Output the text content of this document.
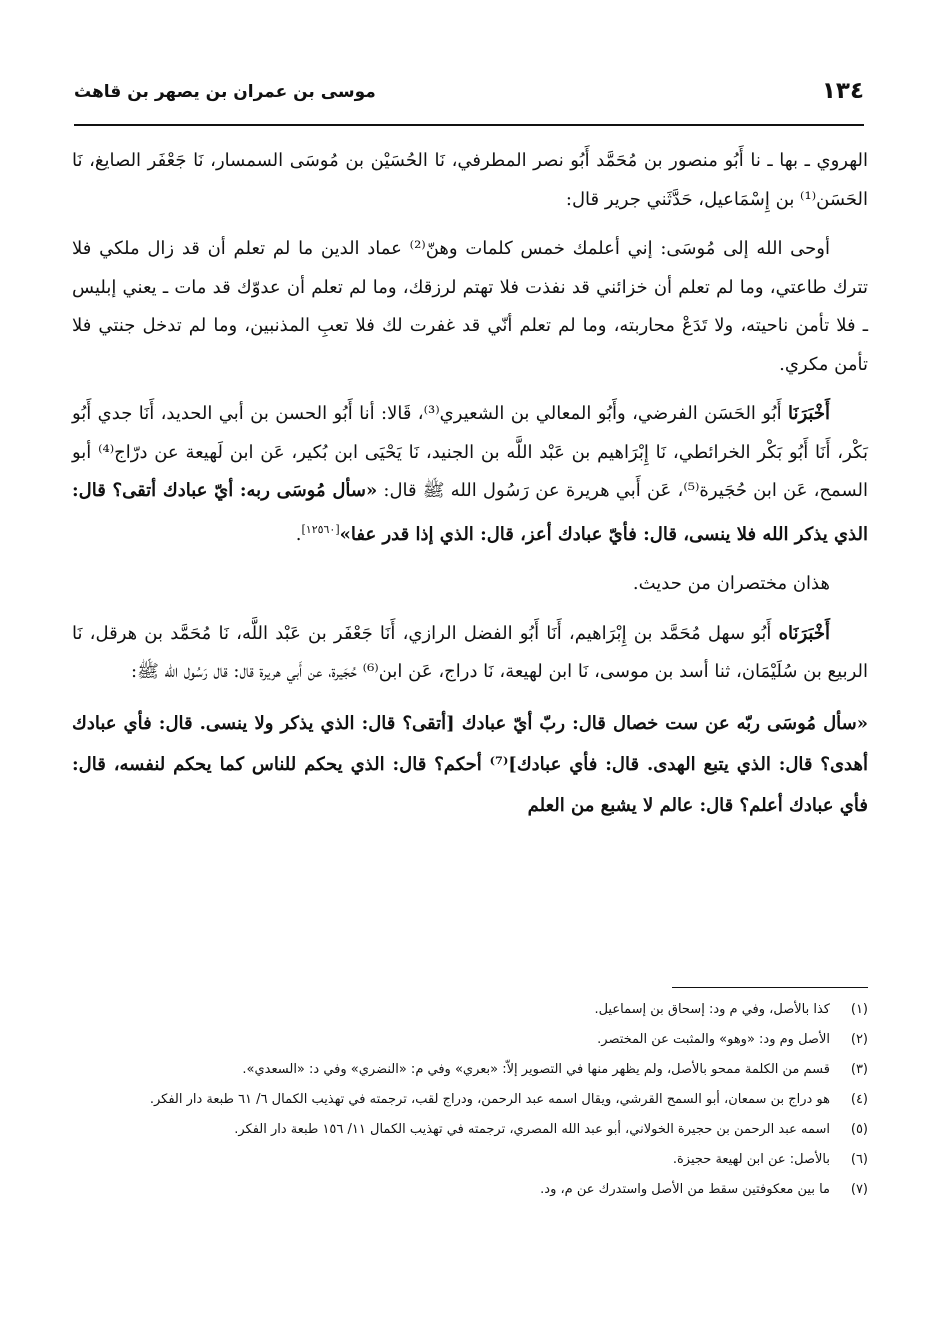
١٣٤
موسى بن عمران بن يصهر بن قاهث

الهروي ـ بها ـ نا أَبُو منصور بن مُحَمَّد أَبُو نصر المطرفي، نَا الحُسَيْن بن مُوسَى السمسار، نَا جَعْفَر الصايغ، نَا الحَسَن⁽¹⁾ بن إِسْمَاعيل، حَدَّثَني جرير قال:

أوحى الله إلى مُوسَى: إني أعلمك خمس كلمات وهنّ⁽²⁾ عماد الدين ما لم تعلم أن قد زال ملكي فلا تترك طاعتي، وما لم تعلم أن خزائني قد نفذت فلا تهتم لرزقك، وما لم تعلم أن عدوّك قد مات ـ يعني إبليس ـ فلا تأمن ناحيته، ولا تَدَعْ محاربته، وما لم تعلم أنّي قد غفرت لك فلا تعبِ المذنبين، وما لم تدخل جنتي فلا تأمن مكري.

أَخْبَرَنَا أَبُو الحَسَن الفرضي، وأَبُو المعالي بن الشعيري⁽³⁾، قَالا: أنا أَبُو الحسن بن أبي الحديد، أَنَا جدي أَبُو بَكْر، أَنَا أَبُو بَكْر الخرائطي، نَا إِبْرَاهيم بن عَبْد اللَّه بن الجنيد، نَا يَحْيَى ابن بُكير، عَن ابن لَهيعة عن درّاج⁽⁴⁾ أبو السمح، عَن ابن حُجَيرة⁽⁵⁾، عَن أَبي هريرة عن رَسُول الله ﷺ قال: «سأل مُوسَى ربه: أيّ عبادك أتقى؟ قال: الذي يذكر الله فلا ينسى، قال: فأيّ عبادك أعز، قال: الذي إذا قدر عفا»[١٢٥٦٠].

هذان مختصران من حديث.

أَخْبَرَنَاه أَبُو سهل مُحَمَّد بن إِبْرَاهيم، أَنَا أَبُو الفضل الرازي، أَنَا جَعْفَر بن عَبْد اللَّه، نَا مُحَمَّد بن هرقل، نَا الربيع بن سُلَيْمَان، ثنا أسد بن موسى، نَا ابن لهيعة، نَا دراج، عَن ابن⁽⁶⁾ حُجَيرة، عن أَبي هريرة قال: قال رَسُول الله ﷺ:

«سأل مُوسَى ربّه عن ست خصال قال: ربّ أيّ عبادك [أتقى؟ قال: الذي يذكر ولا ينسى. قال: فأي عبادك أهدى؟ قال: الذي يتبع الهدى. قال: فأي عبادك]⁽⁷⁾ أحكم؟ قال: الذي يحكم للناس كما يحكم لنفسه، قال: فأي عبادك أعلم؟ قال: عالم لا يشبع من العلم

(١)
كذا بالأصل، وفي م ود: إسحاق بن إسماعيل.
(٢)
الأصل وم ود: «وهو» والمثبت عن المختصر.
(٣)
قسم من الكلمة ممحو بالأصل، ولم يظهر منها في التصوير إلاّ: «بعري» وفي م: «النضري» وفي د: «السعدي».
(٤)
هو دراج بن سمعان، أبو السمح القرشي، ويقال اسمه عبد الرحمن، ودراج لقب، ترجمته في تهذيب الكمال ٦/ ٦١ طبعة دار الفكر.
(٥)
اسمه عبد الرحمن بن حجيرة الخولاني، أبو عبد الله المصري، ترجمته في تهذيب الكمال ١١/ ١٥٦ طبعة دار الفكر.
(٦)
بالأصل: عن ابن لهيعة حجيزة.
(٧)
ما بين معكوفتين سقط من الأصل واستدرك عن م، ود.
